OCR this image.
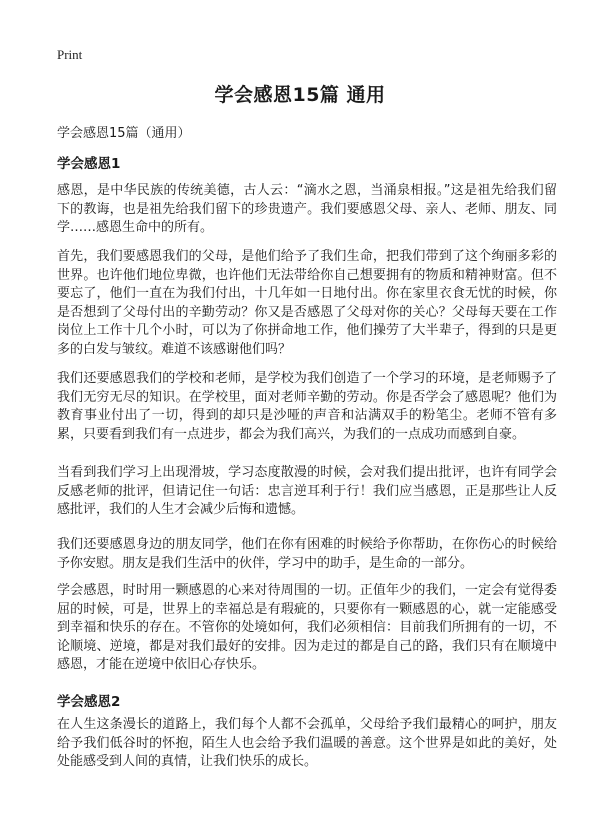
Print
学会感恩15篇 通用
学会感恩15篇（通用）
学会感恩1

感恩，是中华民族的传统美德，古人云：“滴水之恩，当涌泉相报。”这是祖先给我们留下的教诲，也是祖先给我们留下的珍贵遗产。我们要感恩父母、亲人、老师、朋友、同学……感恩生命中的所有。

首先，我们要感恩我们的父母，是他们给予了我们生命，把我们带到了这个绚丽多彩的世界。也许他们地位卑微，也许他们无法带给你自己想要拥有的物质和精神财富。但不要忘了，他们一直在为我们付出，十几年如一日地付出。你在家里衣食无忧的时候，你是否想到了父母付出的辛勤劳动？你又是否感恩了父母对你的关心？父母每天要在工作岗位上工作十几个小时，可以为了你拼命地工作，他们操劳了大半辈子，得到的只是更多的白发与皱纹。难道不该感谢他们吗？

我们还要感恩我们的学校和老师，是学校为我们创造了一个学习的环境，是老师赐予了我们无穷无尽的知识。在学校里，面对老师辛勤的劳动。你是否学会了感恩呢？他们为教育事业付出了一切，得到的却只是沙哑的声音和沾满双手的粉笔尘。老师不管有多累，只要看到我们有一点进步，都会为我们高兴，为我们的一点成功而感到自豪。

当看到我们学习上出现滑坡，学习态度散漫的时候，会对我们提出批评，也许有同学会反感老师的批评，但请记住一句话：忠言逆耳利于行！我们应当感恩，正是那些让人反感批评，我们的人生才会减少后悔和遗憾。

我们还要感恩身边的朋友同学，他们在你有困难的时候给予你帮助，在你伤心的时候给予你安慰。朋友是我们生活中的伙伴，学习中的助手，是生命的一部分。

学会感恩，时时用一颗感恩的心来对待周围的一切。正值年少的我们，一定会有觉得委屈的时候，可是，世界上的幸福总是有瑕疵的，只要你有一颗感恩的心，就一定能感受到幸福和快乐的存在。不管你的处境如何，我们必须相信：目前我们所拥有的一切，不论顺境、逆境，都是对我们最好的安排。因为走过的都是自己的路，我们只有在顺境中感恩，才能在逆境中依旧心存快乐。

学会感恩2

在人生这条漫长的道路上，我们每个人都不会孤单，父母给予我们最精心的呵护，朋友给予我们低谷时的怀抱，陌生人也会给予我们温暖的善意。这个世界是如此的美好，处处能感受到人间的真情，让我们快乐的成长。
